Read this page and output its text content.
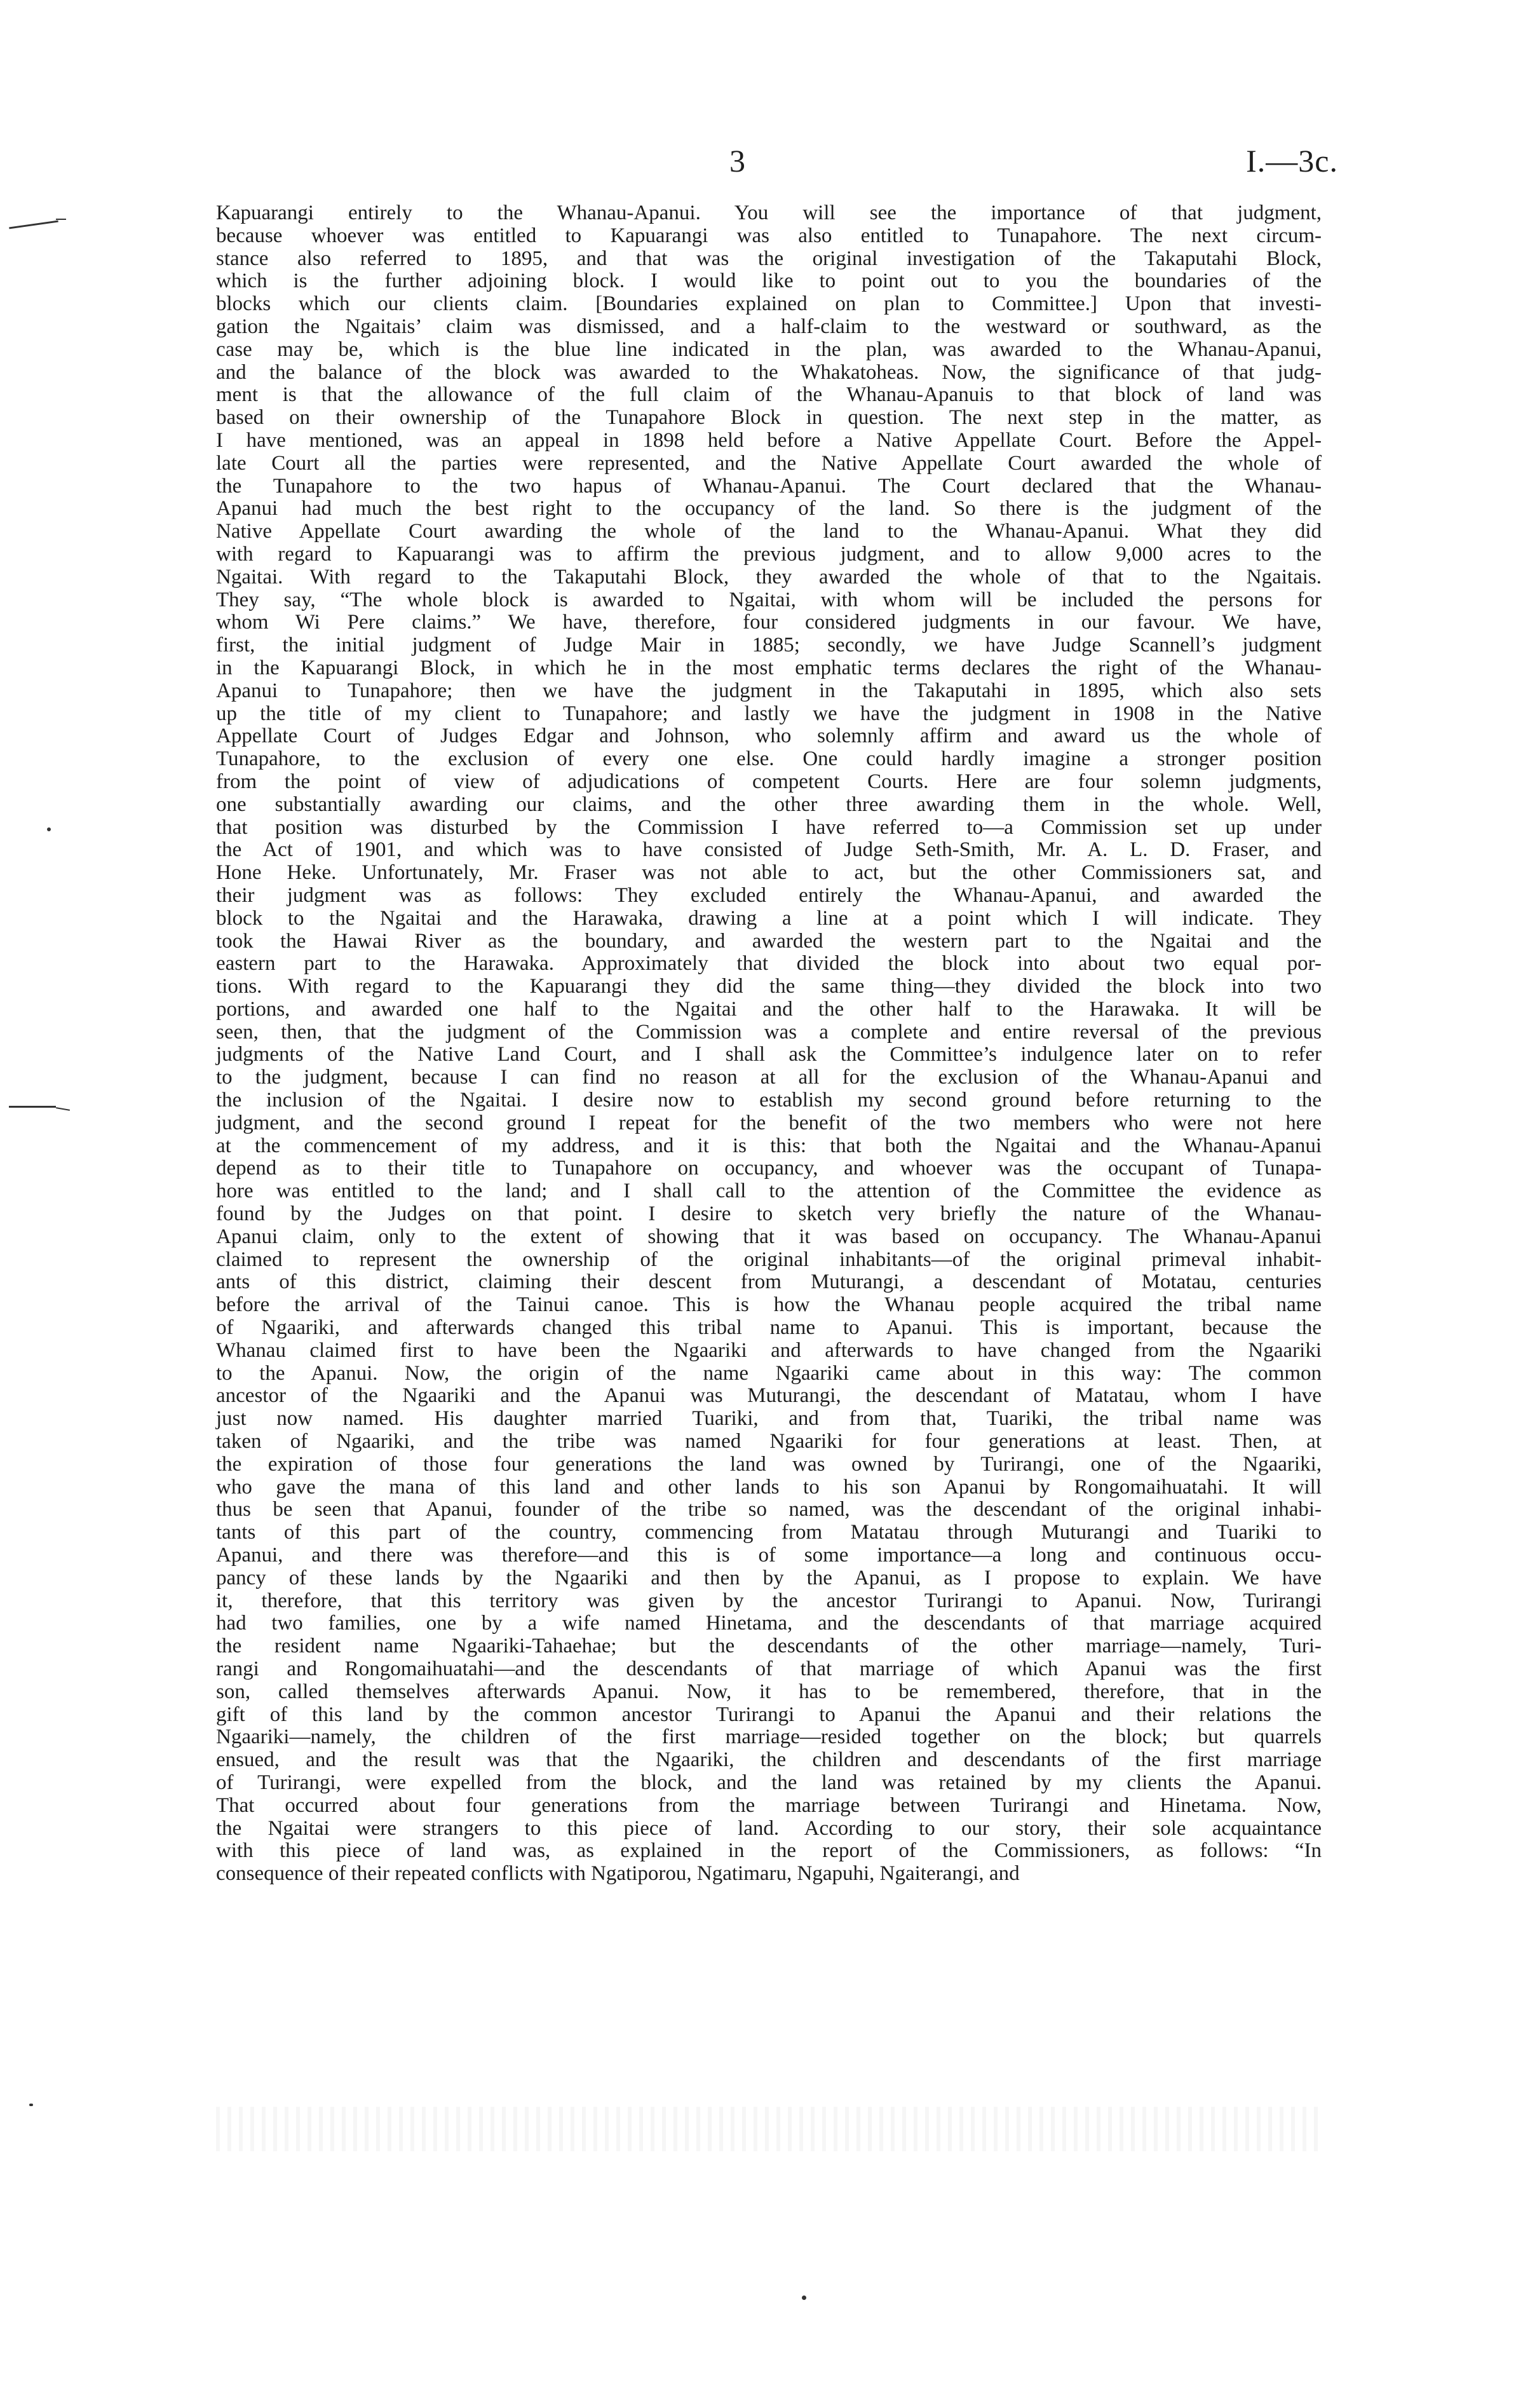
3	I.—3c.
Kapuarangi entirely to the Whanau-Apanui. You will see the importance of that judgment,
because whoever was entitled to Kapuarangi was also entitled to Tunapahore. The next circum-
stance also referred to 1895, and that was the original investigation of the Takaputahi Block,
which is the further adjoining block. I would like to point out to you the boundaries of the
blocks which our clients claim. [Boundaries explained on plan to Committee.] Upon that investi-
gation the Ngaitais’ claim was dismissed, and a half-claim to the westward or southward, as the
case may be, which is the blue line indicated in the plan, was awarded to the Whanau-Apanui,
and the balance of the block was awarded to the Whakatoheas. Now, the significance of that judg-
ment is that the allowance of the full claim of the Whanau-Apanuis to that block of land was
based on their ownership of the Tunapahore Block in question. The next step in the matter, as
I have mentioned, was an appeal in 1898 held before a Native Appellate Court. Before the Appel-
late Court all the parties were represented, and the Native Appellate Court awarded the whole of
the Tunapahore to the two hapus of Whanau-Apanui. The Court declared that the Whanau-
Apanui had much the best right to the occupancy of the land. So there is the judgment of the
Native Appellate Court awarding the whole of the land to the Whanau-Apanui. What they did
with regard to Kapuarangi was to affirm the previous judgment, and to allow 9,000 acres to the
Ngaitai. With regard to the Takaputahi Block, they awarded the whole of that to the Ngaitais.
They say, “The whole block is awarded to Ngaitai, with whom will be included the persons for
whom Wi Pere claims.” We have, therefore, four considered judgments in our favour. We have,
first, the initial judgment of Judge Mair in 1885; secondly, we have Judge Scannell’s judgment
in the Kapuarangi Block, in which he in the most emphatic terms declares the right of the Whanau-
Apanui to Tunapahore; then we have the judgment in the Takaputahi in 1895, which also sets
up the title of my client to Tunapahore; and lastly we have the judgment in 1908 in the Native
Appellate Court of Judges Edgar and Johnson, who solemnly affirm and award us the whole of
Tunapahore, to the exclusion of every one else. One could hardly imagine a stronger position
from the point of view of adjudications of competent Courts. Here are four solemn judgments,
one substantially awarding our claims, and the other three awarding them in the whole. Well,
that position was disturbed by the Commission I have referred to—a Commission set up under
the Act of 1901, and which was to have consisted of Judge Seth-Smith, Mr. A. L. D. Fraser, and
Hone Heke. Unfortunately, Mr. Fraser was not able to act, but the other Commissioners sat, and
their judgment was as follows: They excluded entirely the Whanau-Apanui, and awarded the
block to the Ngaitai and the Harawaka, drawing a line at a point which I will indicate. They
took the Hawai River as the boundary, and awarded the western part to the Ngaitai and the
eastern part to the Harawaka. Approximately that divided the block into about two equal por-
tions. With regard to the Kapuarangi they did the same thing—they divided the block into two
portions, and awarded one half to the Ngaitai and the other half to the Harawaka. It will be
seen, then, that the judgment of the Commission was a complete and entire reversal of the previous
judgments of the Native Land Court, and I shall ask the Committee’s indulgence later on to refer
to the judgment, because I can find no reason at all for the exclusion of the Whanau-Apanui and
the inclusion of the Ngaitai. I desire now to establish my second ground before returning to the
judgment, and the second ground I repeat for the benefit of the two members who were not here
at the commencement of my address, and it is this: that both the Ngaitai and the Whanau-Apanui
depend as to their title to Tunapahore on occupancy, and whoever was the occupant of Tunapa-
hore was entitled to the land; and I shall call to the attention of the Committee the evidence as
found by the Judges on that point. I desire to sketch very briefly the nature of the Whanau-
Apanui claim, only to the extent of showing that it was based on occupancy. The Whanau-Apanui
claimed to represent the ownership of the original inhabitants—of the original primeval inhabit-
ants of this district, claiming their descent from Muturangi, a descendant of Motatau, centuries
before the arrival of the Tainui canoe. This is how the Whanau people acquired the tribal name
of Ngaariki, and afterwards changed this tribal name to Apanui. This is important, because the
Whanau claimed first to have been the Ngaariki and afterwards to have changed from the Ngaariki
to the Apanui. Now, the origin of the name Ngaariki came about in this way: The common
ancestor of the Ngaariki and the Apanui was Muturangi, the descendant of Matatau, whom I have
just now named. His daughter married Tuariki, and from that, Tuariki, the tribal name was
taken of Ngaariki, and the tribe was named Ngaariki for four generations at least. Then, at
the expiration of those four generations the land was owned by Turirangi, one of the Ngaariki,
who gave the mana of this land and other lands to his son Apanui by Rongomaihuatahi. It will
thus be seen that Apanui, founder of the tribe so named, was the descendant of the original inhabi-
tants of this part of the country, commencing from Matatau through Muturangi and Tuariki to
Apanui, and there was therefore—and this is of some importance—a long and continuous occu-
pancy of these lands by the Ngaariki and then by the Apanui, as I propose to explain. We have
it, therefore, that this territory was given by the ancestor Turirangi to Apanui. Now, Turirangi
had two families, one by a wife named Hinetama, and the descendants of that marriage acquired
the resident name Ngaariki-Tahaehae; but the descendants of the other marriage—namely, Turi-
rangi and Rongomaihuatahi—and the descendants of that marriage of which Apanui was the first
son, called themselves afterwards Apanui. Now, it has to be remembered, therefore, that in the
gift of this land by the common ancestor Turirangi to Apanui the Apanui and their relations the
Ngaariki—namely, the children of the first marriage—resided together on the block; but quarrels
ensued, and the result was that the Ngaariki, the children and descendants of the first marriage
of Turirangi, were expelled from the block, and the land was retained by my clients the Apanui.
That occurred about four generations from the marriage between Turirangi and Hinetama. Now,
the Ngaitai were strangers to this piece of land. According to our story, their sole acquaintance
with this piece of land was, as explained in the report of the Commissioners, as follows: “In
consequence of their repeated conflicts with Ngatiporou, Ngatimaru, Ngapuhi, Ngaiterangi, and
